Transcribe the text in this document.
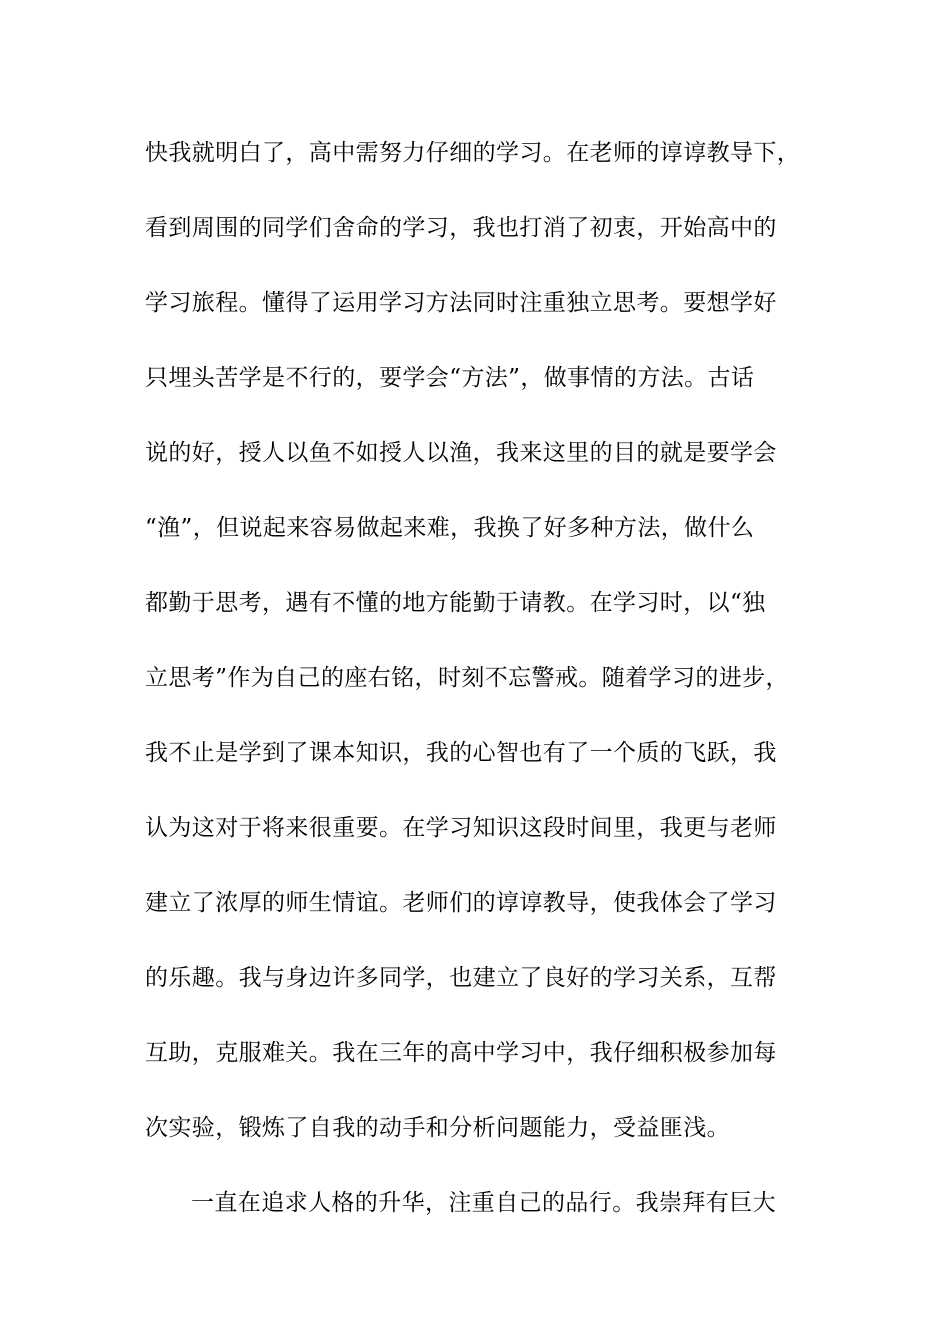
快我就明白了，高中需努力仔细的学习。在老师的谆谆教导下，
看到周围的同学们舍命的学习，我也打消了初衷，开始高中的
学习旅程。懂得了运用学习方法同时注重独立思考。要想学好
只埋头苦学是不行的，要学会“方法”，做事情的方法。古话
说的好，授人以鱼不如授人以渔，我来这里的目的就是要学会
“渔”，但说起来容易做起来难，我换了好多种方法，做什么
都勤于思考，遇有不懂的地方能勤于请教。在学习时，以“独
立思考”作为自己的座右铭，时刻不忘警戒。随着学习的进步，
我不止是学到了课本知识，我的心智也有了一个质的飞跃，我
认为这对于将来很重要。在学习知识这段时间里，我更与老师
建立了浓厚的师生情谊。老师们的谆谆教导，使我体会了学习
的乐趣。我与身边许多同学，也建立了良好的学习关系，互帮
互助，克服难关。我在三年的高中学习中，我仔细积极参加每
次实验，锻炼了自我的动手和分析问题能力，受益匪浅。
一直在追求人格的升华，注重自己的品行。我崇拜有巨大
